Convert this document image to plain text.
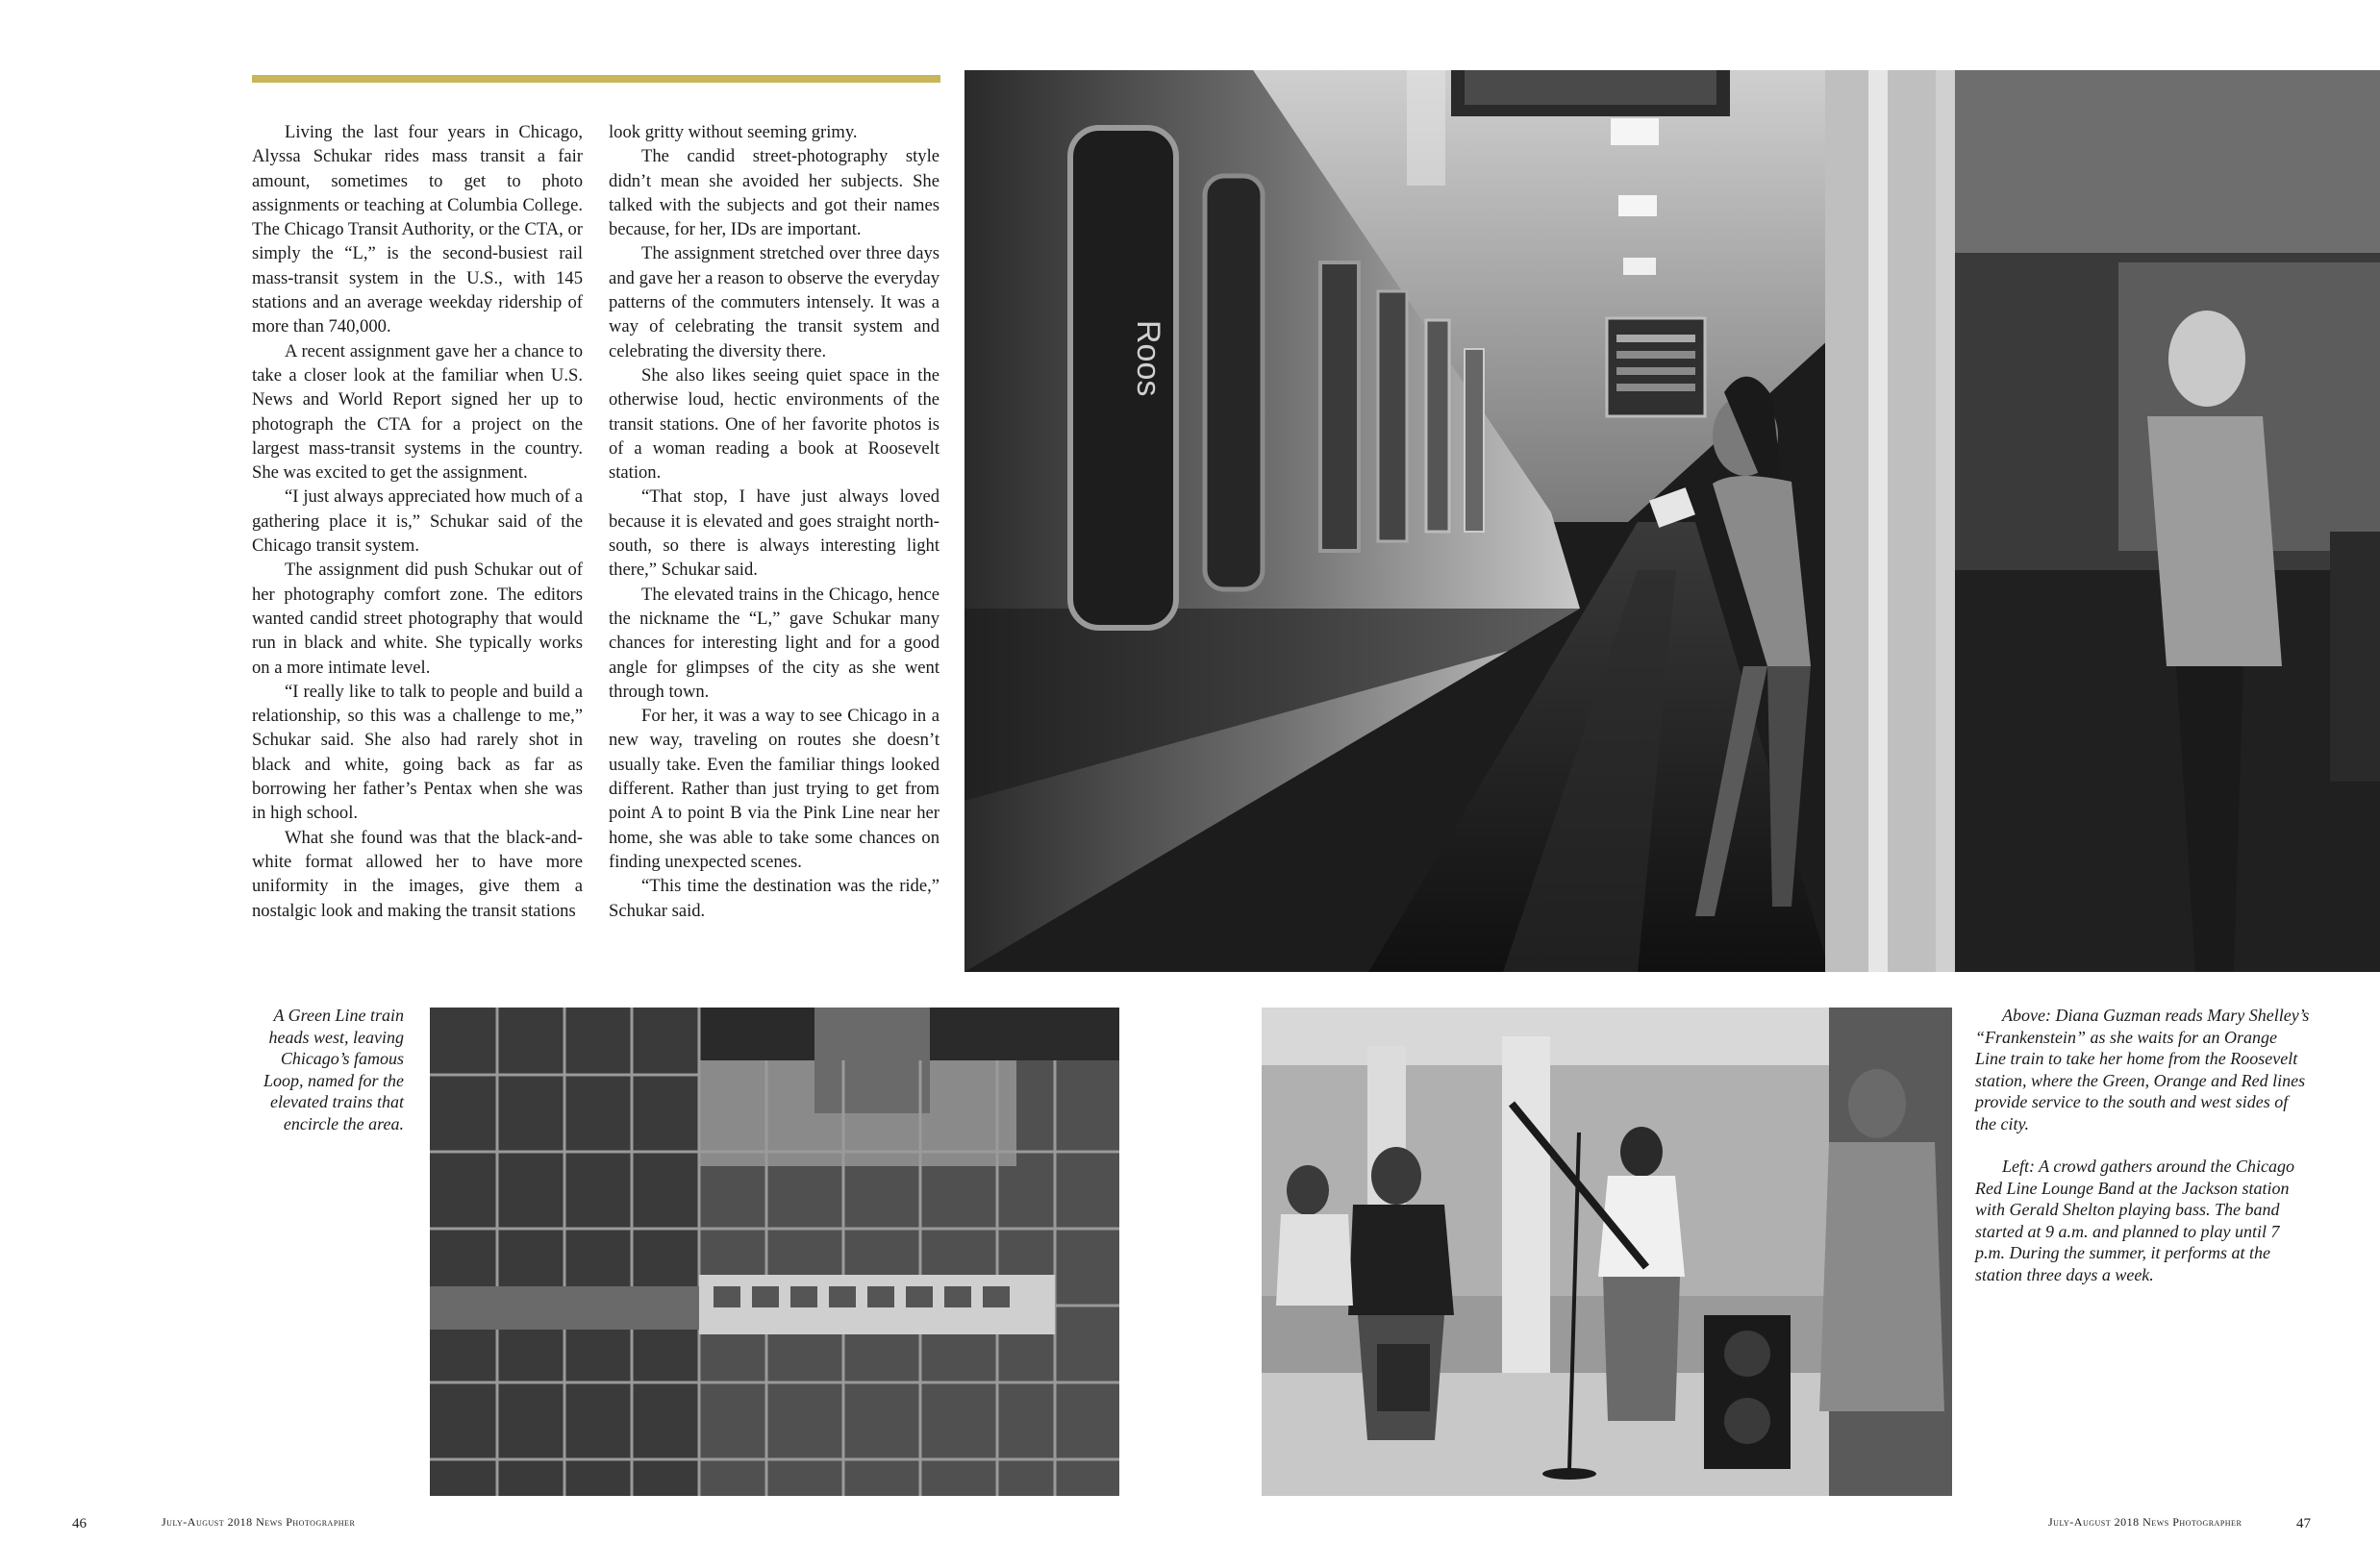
Living the last four years in Chicago, Alyssa Schukar rides mass transit a fair amount, sometimes to get to photo assignments or teaching at Columbia College. The Chicago Transit Authority, or the CTA, or simply the “L,” is the second-busiest rail mass-transit system in the U.S., with 145 stations and an average weekday ridership of more than 740,000.

A recent assignment gave her a chance to take a closer look at the familiar when U.S. News and World Report signed her up to photograph the CTA for a project on the largest mass-transit systems in the country. She was excited to get the assignment.

“I just always appreciated how much of a gathering place it is,” Schukar said of the Chicago transit system.

The assignment did push Schukar out of her photography comfort zone. The editors wanted candid street photography that would run in black and white. She typically works on a more intimate level.

“I really like to talk to people and build a relationship, so this was a challenge to me,” Schukar said. She also had rarely shot in black and white, going back as far as borrowing her father’s Pentax when she was in high school.

What she found was that the black-and-white format allowed her to have more uniformity in the images, give them a nostalgic look and making the transit stations

look gritty without seeming grimy.

The candid street-photography style didn’t mean she avoided her subjects. She talked with the subjects and got their names because, for her, IDs are important.

The assignment stretched over three days and gave her a reason to observe the everyday patterns of the commuters intensely. It was a way of celebrating the transit system and celebrating the diversity there.

She also likes seeing quiet space in the otherwise loud, hectic environments of the transit stations. One of her favorite photos is of a woman reading a book at Roosevelt station.

“That stop, I have just always loved because it is elevated and goes straight north-south, so there is always interesting light there,” Schukar said.

The elevated trains in the Chicago, hence the nickname the “L,” gave Schukar many chances for interesting light and for a good angle for glimpses of the city as she went through town.

For her, it was a way to see Chicago in a new way, traveling on routes she doesn’t usually take. Even the familiar things looked different. Rather than just trying to get from point A to point B via the Pink Line near her home, she was able to take some chances on finding unexpected scenes.

“This time the destination was the ride,” Schukar said.

Roos
A Green Line train heads west, leaving Chicago’s famous Loop, named for the elevated trains that encircle the area.

Above: Diana Guzman reads Mary Shelley’s “Frankenstein” as she waits for an Orange Line train to take her home from the Roosevelt station, where the Green, Orange and Red lines provide service to the south and west sides of the city.

Left: A crowd gathers around the Chicago Red Line Lounge Band at the Jackson station with Gerald Shelton playing bass. The band started at 9 a.m. and planned to play until 7 p.m. During the summer, it performs at the station three days a week.

46	July-August 2018 News Photographer	July-August 2018 News Photographer	47
